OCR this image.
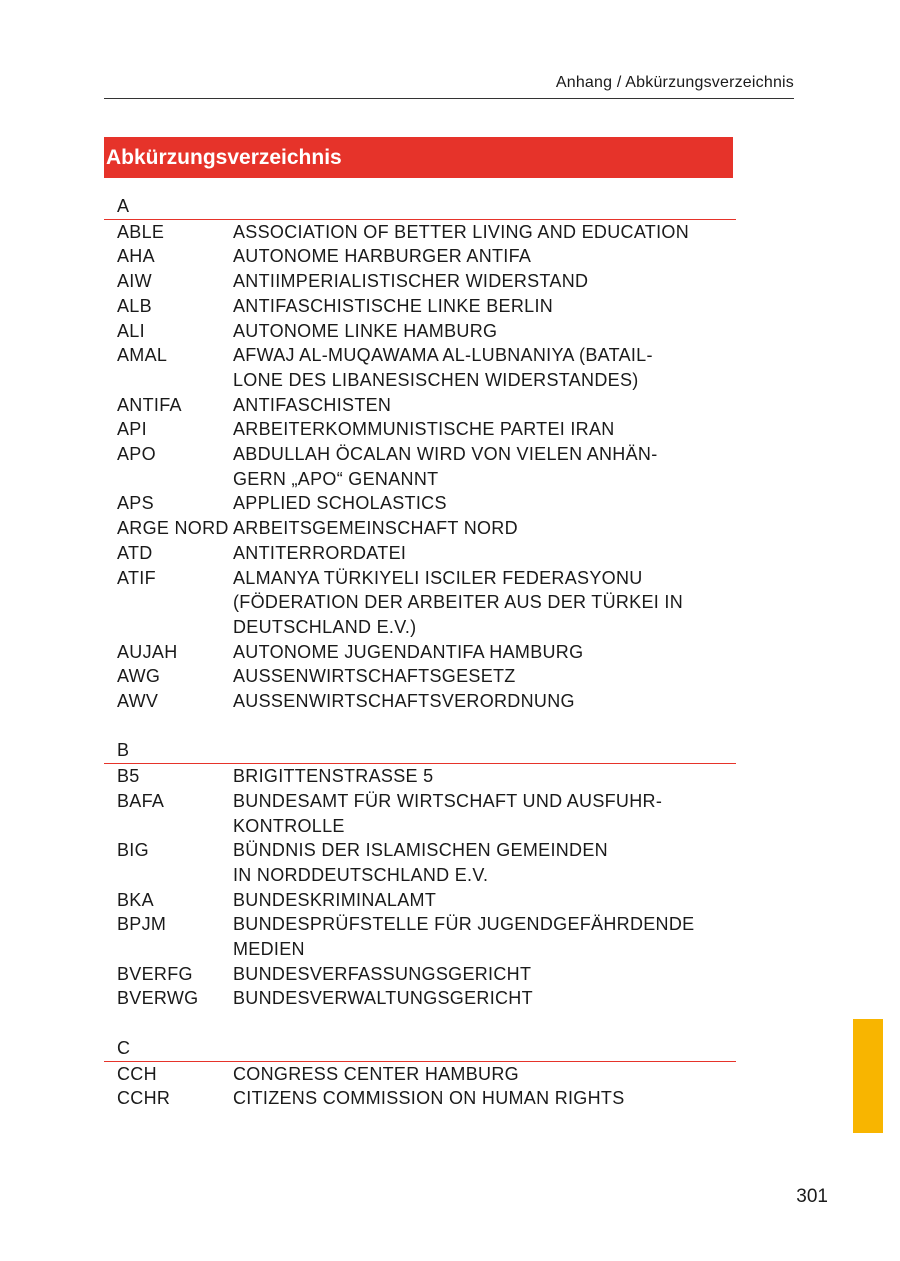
Anhang / Abkürzungsverzeichnis
Abkürzungsverzeichnis
A
ABLE	ASSOCIATION OF BETTER LIVING AND EDUCATION
AHA	AUTONOME HARBURGER ANTIFA
AIW	ANTIIMPERIALISTISCHER WIDERSTAND
ALB	ANTIFASCHISTISCHE LINKE BERLIN
ALI	AUTONOME LINKE HAMBURG
AMAL	AFWAJ AL-MUQAWAMA AL-LUBNANIYA (BATAIL-
LONE DES LIBANESISCHEN WIDERSTANDES)
ANTIFA	ANTIFASCHISTEN
API	ARBEITERKOMMUNISTISCHE PARTEI IRAN
APO	ABDULLAH ÖCALAN WIRD VON VIELEN ANHÄN-
GERN „APO“ GENANNT
APS	APPLIED SCHOLASTICS
ARGE NORD ARBEITSGEMEINSCHAFT NORD
ATD	ANTITERRORDATEI
ATIF	ALMANYA TÜRKIYELI ISCILER FEDERASYONU
(FÖDERATION DER ARBEITER AUS DER TÜRKEI IN
DEUTSCHLAND E.V.)
AUJAH	AUTONOME JUGENDANTIFA HAMBURG
AWG	AUSSENWIRTSCHAFTSGESETZ
AWV	AUSSENWIRTSCHAFTSVERORDNUNG
B
B5	BRIGITTENSTRASSE 5
BAFA	BUNDESAMT FÜR WIRTSCHAFT UND AUSFUHR-
KONTROLLE
BIG	BÜNDNIS DER ISLAMISCHEN GEMEINDEN
IN NORDDEUTSCHLAND E.V.
BKA	BUNDESKRIMINALAMT
BPJM	BUNDESPRÜFSTELLE FÜR JUGENDGEFÄHRDENDE
MEDIEN
BVERFG	BUNDESVERFASSUNGSGERICHT
BVERWG	BUNDESVERWALTUNGSGERICHT
C
CCH	CONGRESS CENTER HAMBURG
CCHR	CITIZENS COMMISSION ON HUMAN RIGHTS
301
